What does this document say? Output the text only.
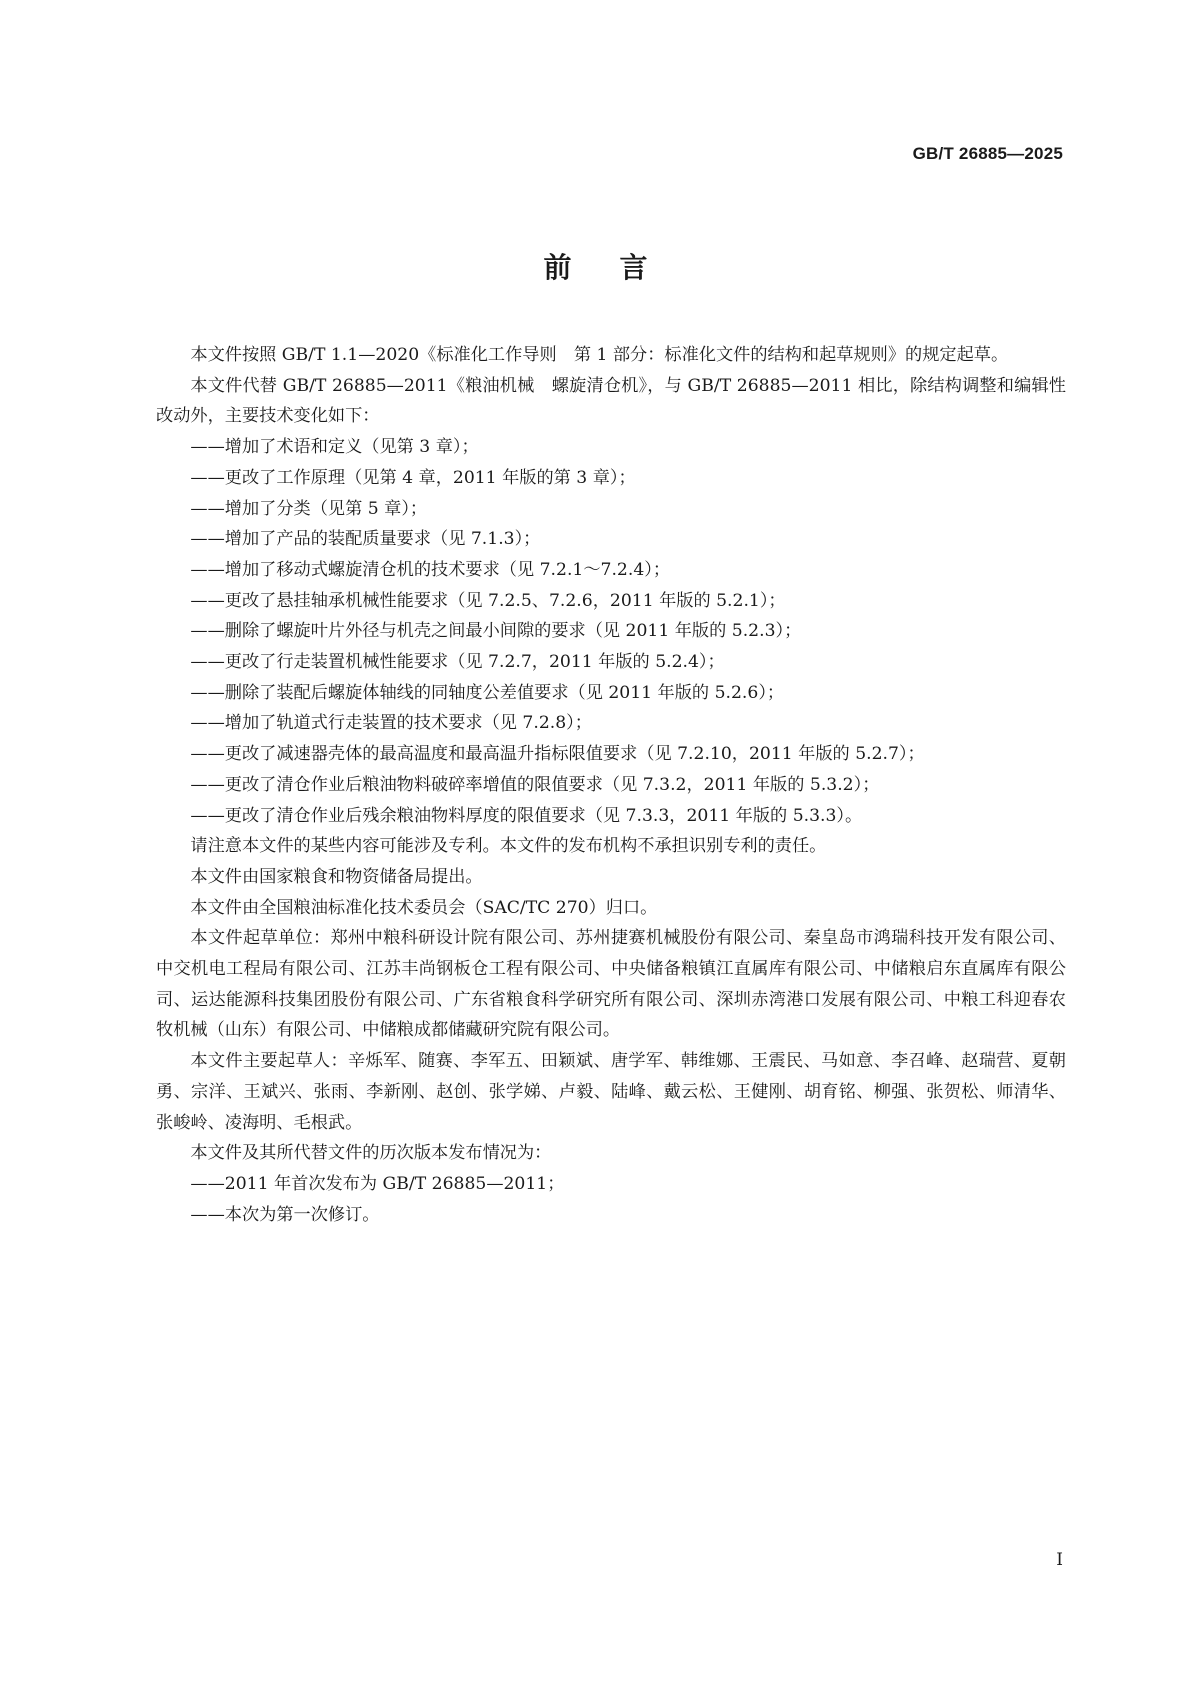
GB/T 26885—2025
前言

本文件按照 GB/T 1.1—2020《标准化工作导则　第 1 部分：标准化文件的结构和起草规则》的规定起草。

本文件代替 GB/T 26885—2011《粮油机械　螺旋清仓机》，与 GB/T 26885—2011 相比，除结构调整和编辑性改动外，主要技术变化如下：

——增加了术语和定义（见第 3 章）；

——更改了工作原理（见第 4 章，2011 年版的第 3 章）；

——增加了分类（见第 5 章）；

——增加了产品的装配质量要求（见 7.1.3）；

——增加了移动式螺旋清仓机的技术要求（见 7.2.1～7.2.4）；

——更改了悬挂轴承机械性能要求（见 7.2.5、7.2.6，2011 年版的 5.2.1）；

——删除了螺旋叶片外径与机壳之间最小间隙的要求（见 2011 年版的 5.2.3）；

——更改了行走装置机械性能要求（见 7.2.7，2011 年版的 5.2.4）；

——删除了装配后螺旋体轴线的同轴度公差值要求（见 2011 年版的 5.2.6）；

——增加了轨道式行走装置的技术要求（见 7.2.8）；

——更改了减速器壳体的最高温度和最高温升指标限值要求（见 7.2.10，2011 年版的 5.2.7）；

——更改了清仓作业后粮油物料破碎率增值的限值要求（见 7.3.2，2011 年版的 5.3.2）；

——更改了清仓作业后残余粮油物料厚度的限值要求（见 7.3.3，2011 年版的 5.3.3）。

请注意本文件的某些内容可能涉及专利。本文件的发布机构不承担识别专利的责任。

本文件由国家粮食和物资储备局提出。

本文件由全国粮油标准化技术委员会（SAC/TC 270）归口。

本文件起草单位：郑州中粮科研设计院有限公司、苏州捷赛机械股份有限公司、秦皇岛市鸿瑞科技开发有限公司、中交机电工程局有限公司、江苏丰尚钢板仓工程有限公司、中央储备粮镇江直属库有限公司、中储粮启东直属库有限公司、运达能源科技集团股份有限公司、广东省粮食科学研究所有限公司、深圳赤湾港口发展有限公司、中粮工科迎春农牧机械（山东）有限公司、中储粮成都储藏研究院有限公司。

本文件主要起草人：辛烁军、随赛、李军五、田颖斌、唐学军、韩维娜、王震民、马如意、李召峰、赵瑞营、夏朝勇、宗洋、王斌兴、张雨、李新刚、赵创、张学娣、卢毅、陆峰、戴云松、王健刚、胡育铭、柳强、张贺松、师清华、张峻岭、凌海明、毛根武。

本文件及其所代替文件的历次版本发布情况为：

——2011 年首次发布为 GB/T 26885—2011；

——本次为第一次修订。

I
